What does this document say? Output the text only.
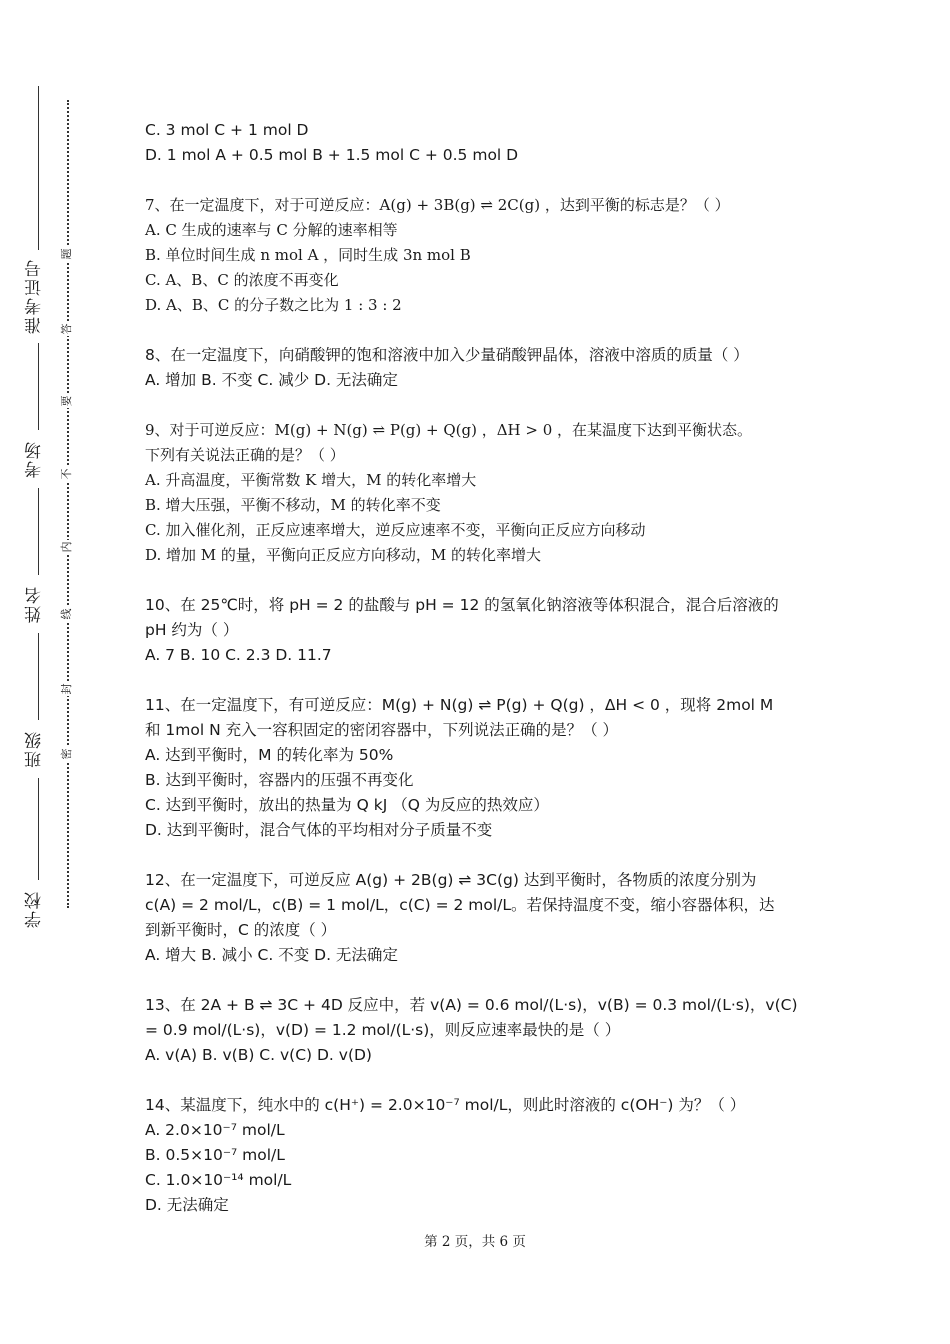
学校
班级
姓名
考场
准考证号
密
封
线
内
不
要
答
题
C. 3 mol C + 1 mol D
D. 1 mol A + 0.5 mol B + 1.5 mol C + 0.5 mol D
7、在一定温度下，对于可逆反应：A(g) + 3B(g) ⇌ 2C(g) ，达到平衡的标志是？（ ）
A. C 生成的速率与 C 分解的速率相等
B. 单位时间生成 n mol A ，同时生成 3n mol B
C. A、B、C 的浓度不再变化
D. A、B、C 的分子数之比为 1 : 3 : 2
8、在一定温度下，向硝酸钾的饱和溶液中加入少量硝酸钾晶体，溶液中溶质的质量（ ）
A. 增加 B. 不变 C. 减少 D. 无法确定
9、对于可逆反应：M(g) + N(g) ⇌ P(g) + Q(g) ，ΔH > 0 ，在某温度下达到平衡状态。
下列有关说法正确的是？（ ）
A. 升高温度，平衡常数 K 增大，M 的转化率增大
B. 增大压强，平衡不移动，M 的转化率不变
C. 加入催化剂，正反应速率增大，逆反应速率不变，平衡向正反应方向移动
D. 增加 M 的量，平衡向正反应方向移动，M 的转化率增大
10、在 25℃时，将 pH = 2 的盐酸与 pH = 12 的氢氧化钠溶液等体积混合，混合后溶液的
pH 约为（ ）
A. 7 B. 10 C. 2.3 D. 11.7
11、在一定温度下，有可逆反应：M(g) + N(g) ⇌ P(g) + Q(g) ，ΔH < 0 ，现将 2mol M
和 1mol N 充入一容积固定的密闭容器中，下列说法正确的是？（ ）
A. 达到平衡时，M 的转化率为 50%
B. 达到平衡时，容器内的压强不再变化
C. 达到平衡时，放出的热量为 Q kJ （Q 为反应的热效应）
D. 达到平衡时，混合气体的平均相对分子质量不变
12、在一定温度下，可逆反应 A(g) + 2B(g) ⇌ 3C(g) 达到平衡时，各物质的浓度分别为
c(A) = 2 mol/L，c(B) = 1 mol/L，c(C) = 2 mol/L。若保持温度不变，缩小容器体积，达
到新平衡时，C 的浓度（ ）
A. 增大 B. 减小 C. 不变 D. 无法确定
13、在 2A + B ⇌ 3C + 4D 反应中，若 v(A) = 0.6 mol/(L·s)，v(B) = 0.3 mol/(L·s)，v(C)
= 0.9 mol/(L·s)，v(D) = 1.2 mol/(L·s)，则反应速率最快的是（ ）
A. v(A) B. v(B) C. v(C) D. v(D)
14、某温度下，纯水中的 c(H⁺) = 2.0×10⁻⁷ mol/L，则此时溶液的 c(OH⁻) 为？（ ）
A. 2.0×10⁻⁷ mol/L
B. 0.5×10⁻⁷ mol/L
C. 1.0×10⁻¹⁴ mol/L
D. 无法确定
第 2 页，共 6 页
